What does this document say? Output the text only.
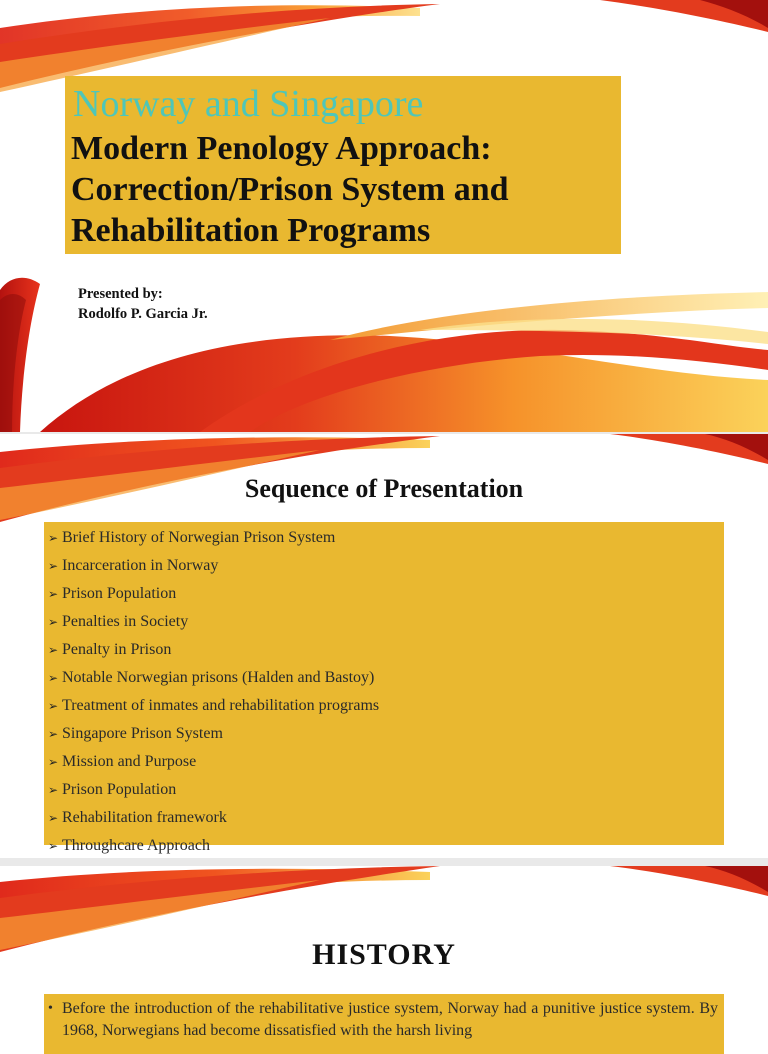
Norway and Singapore
Modern Penology Approach: Correction/Prison System and Rehabilitation Programs
Presented by:
Rodolfo P. Garcia Jr.
Sequence of Presentation
➢ Brief History of Norwegian Prison System
➢ Incarceration in Norway
➢ Prison Population
➢ Penalties in Society
➢ Penalty in Prison
➢ Notable Norwegian prisons (Halden and Bastoy)
➢ Treatment of inmates and rehabilitation programs
➢ Singapore Prison System
➢ Mission and Purpose
➢ Prison Population
➢ Rehabilitation framework
➢ Throughcare Approach
HISTORY
• Before the introduction of the rehabilitative justice system, Norway had a punitive justice system. By 1968, Norwegians had become dissatisfied with the harsh living
